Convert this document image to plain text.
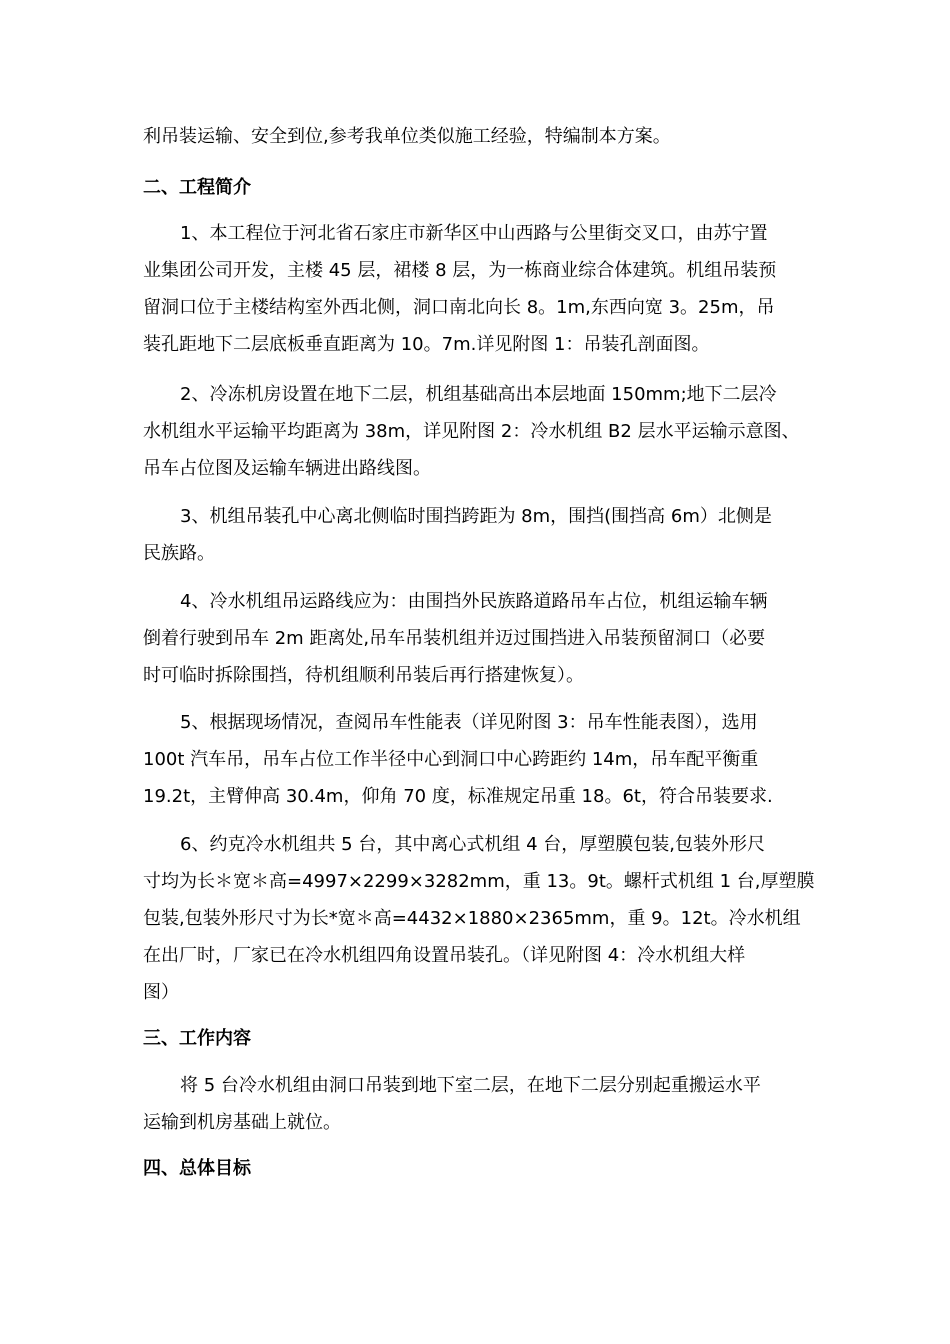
利吊装运输、安全到位,参考我单位类似施工经验，特编制本方案。
二、工程简介
1、本工程位于河北省石家庄市新华区中山西路与公里街交叉口，由苏宁置
业集团公司开发，主楼 45 层，裙楼 8 层，为一栋商业综合体建筑。机组吊装预
留洞口位于主楼结构室外西北侧，洞口南北向长 8。1m,东西向宽 3。25m，吊
装孔距地下二层底板垂直距离为 10。7m.详见附图 1：吊装孔剖面图。
2、冷冻机房设置在地下二层，机组基础高出本层地面 150mm;地下二层冷
水机组水平运输平均距离为 38m，详见附图 2：冷水机组 B2 层水平运输示意图、
吊车占位图及运输车辆进出路线图。
3、机组吊装孔中心离北侧临时围挡跨距为 8m，围挡(围挡高 6m）北侧是
民族路。
4、冷水机组吊运路线应为：由围挡外民族路道路吊车占位，机组运输车辆
倒着行驶到吊车 2m 距离处,吊车吊装机组并迈过围挡进入吊装预留洞口（必要
时可临时拆除围挡，待机组顺利吊装后再行搭建恢复）。
5、根据现场情况，查阅吊车性能表（详见附图 3：吊车性能表图），选用
100t 汽车吊，吊车占位工作半径中心到洞口中心跨距约 14m，吊车配平衡重
19.2t，主臂伸高 30.4m，仰角 70 度，标准规定吊重 18。6t，符合吊装要求.
6、约克冷水机组共 5 台，其中离心式机组 4 台，厚塑膜包装,包装外形尺
寸均为长＊宽＊高=4997×2299×3282mm，重 13。9t。螺杆式机组 1 台,厚塑膜
包装,包装外形尺寸为长*宽＊高=4432×1880×2365mm，重 9。12t。冷水机组
在出厂时，厂家已在冷水机组四角设置吊装孔。（详见附图 4：冷水机组大样
图）
三、工作内容
将 5 台冷水机组由洞口吊装到地下室二层，在地下二层分别起重搬运水平
运输到机房基础上就位。
四、总体目标
